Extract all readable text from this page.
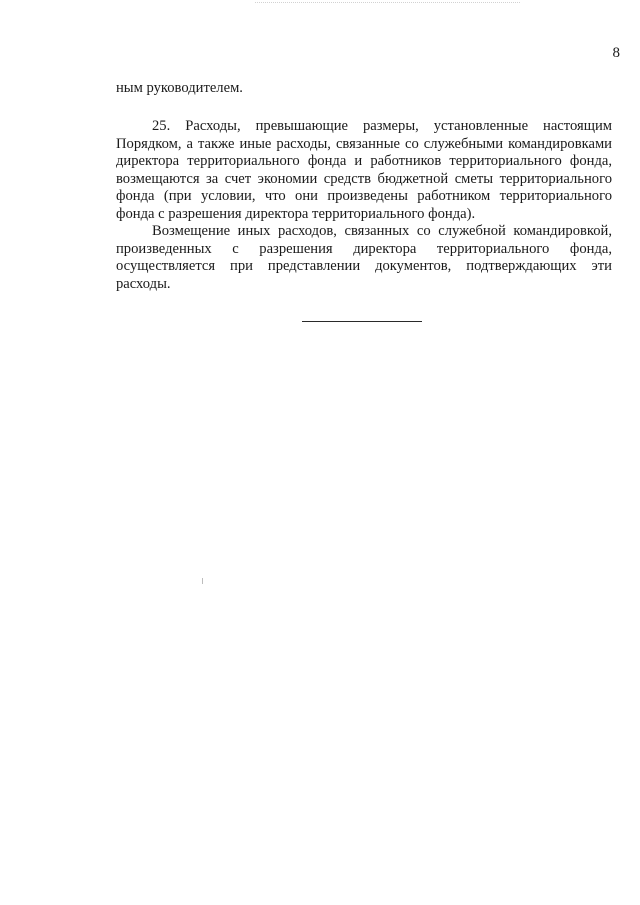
8

ным руководителем.

25. Расходы, превышающие размеры, установленные настоящим Порядком, а также иные расходы, связанные со служебными командировками директора территориального фонда и работников территориального фонда, возмещаются за счет экономии средств бюджетной сметы территориального фонда (при условии, что они произведены работником территориального фонда с разрешения директора территориального фонда).

Возмещение иных расходов, связанных со служебной командировкой, произведенных с разрешения директора территориального фонда, осуществляется при представлении документов, подтверждающих эти расходы.
